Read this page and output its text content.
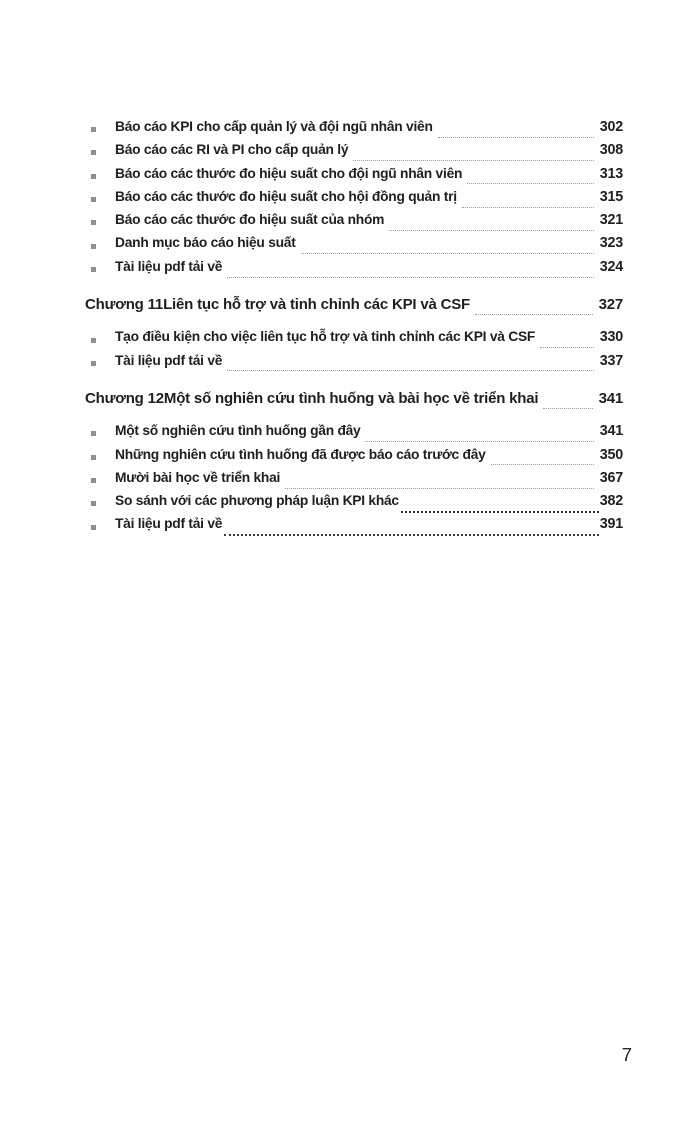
Báo cáo KPI cho cấp quản lý và đội ngũ nhân viên	302
Báo cáo các RI và PI cho cấp quản lý	308
Báo cáo các thước đo hiệu suất cho đội ngũ nhân viên	313
Báo cáo các thước đo hiệu suất cho hội đồng quản trị	315
Báo cáo các thước đo hiệu suất của nhóm	321
Danh mục báo cáo hiệu suất	323
Tài liệu pdf tải về	324
Chương 11 Liên tục hỗ trợ và tinh chỉnh các KPI và CSF	327
Tạo điều kiện cho việc liên tục hỗ trợ và tinh chỉnh các KPI và CSF	330
Tài liệu pdf tải về	337
Chương 12 Một số nghiên cứu tình huống và bài học về triển khai	341
Một số nghiên cứu tình huống gần đây	341
Những nghiên cứu tình huống đã được báo cáo trước đây	350
Mười bài học về triển khai	367
So sánh với các phương pháp luận KPI khác	382
Tài liệu pdf tải về	391
7
